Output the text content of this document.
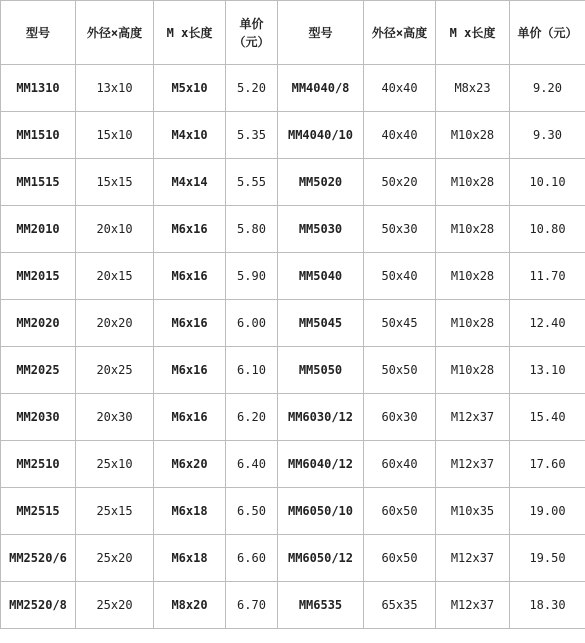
型号	外径×高度	M x长度	单价（元）	型号	外径×高度	M x长度	单价（元）
MM1310	13x10	M5x10	5.20	MM4040/8	40x40	M8x23	9.20
MM1510	15x10	M4x10	5.35	MM4040/10	40x40	M10x28	9.30
MM1515	15x15	M4x14	5.55	MM5020	50x20	M10x28	10.10
MM2010	20x10	M6x16	5.80	MM5030	50x30	M10x28	10.80
MM2015	20x15	M6x16	5.90	MM5040	50x40	M10x28	11.70
MM2020	20x20	M6x16	6.00	MM5045	50x45	M10x28	12.40
MM2025	20x25	M6x16	6.10	MM5050	50x50	M10x28	13.10
MM2030	20x30	M6x16	6.20	MM6030/12	60x30	M12x37	15.40
MM2510	25x10	M6x20	6.40	MM6040/12	60x40	M12x37	17.60
MM2515	25x15	M6x18	6.50	MM6050/10	60x50	M10x35	19.00
MM2520/6	25x20	M6x18	6.60	MM6050/12	60x50	M12x37	19.50
MM2520/8	25x20	M8x20	6.70	MM6535	65x35	M12x37	18.30
